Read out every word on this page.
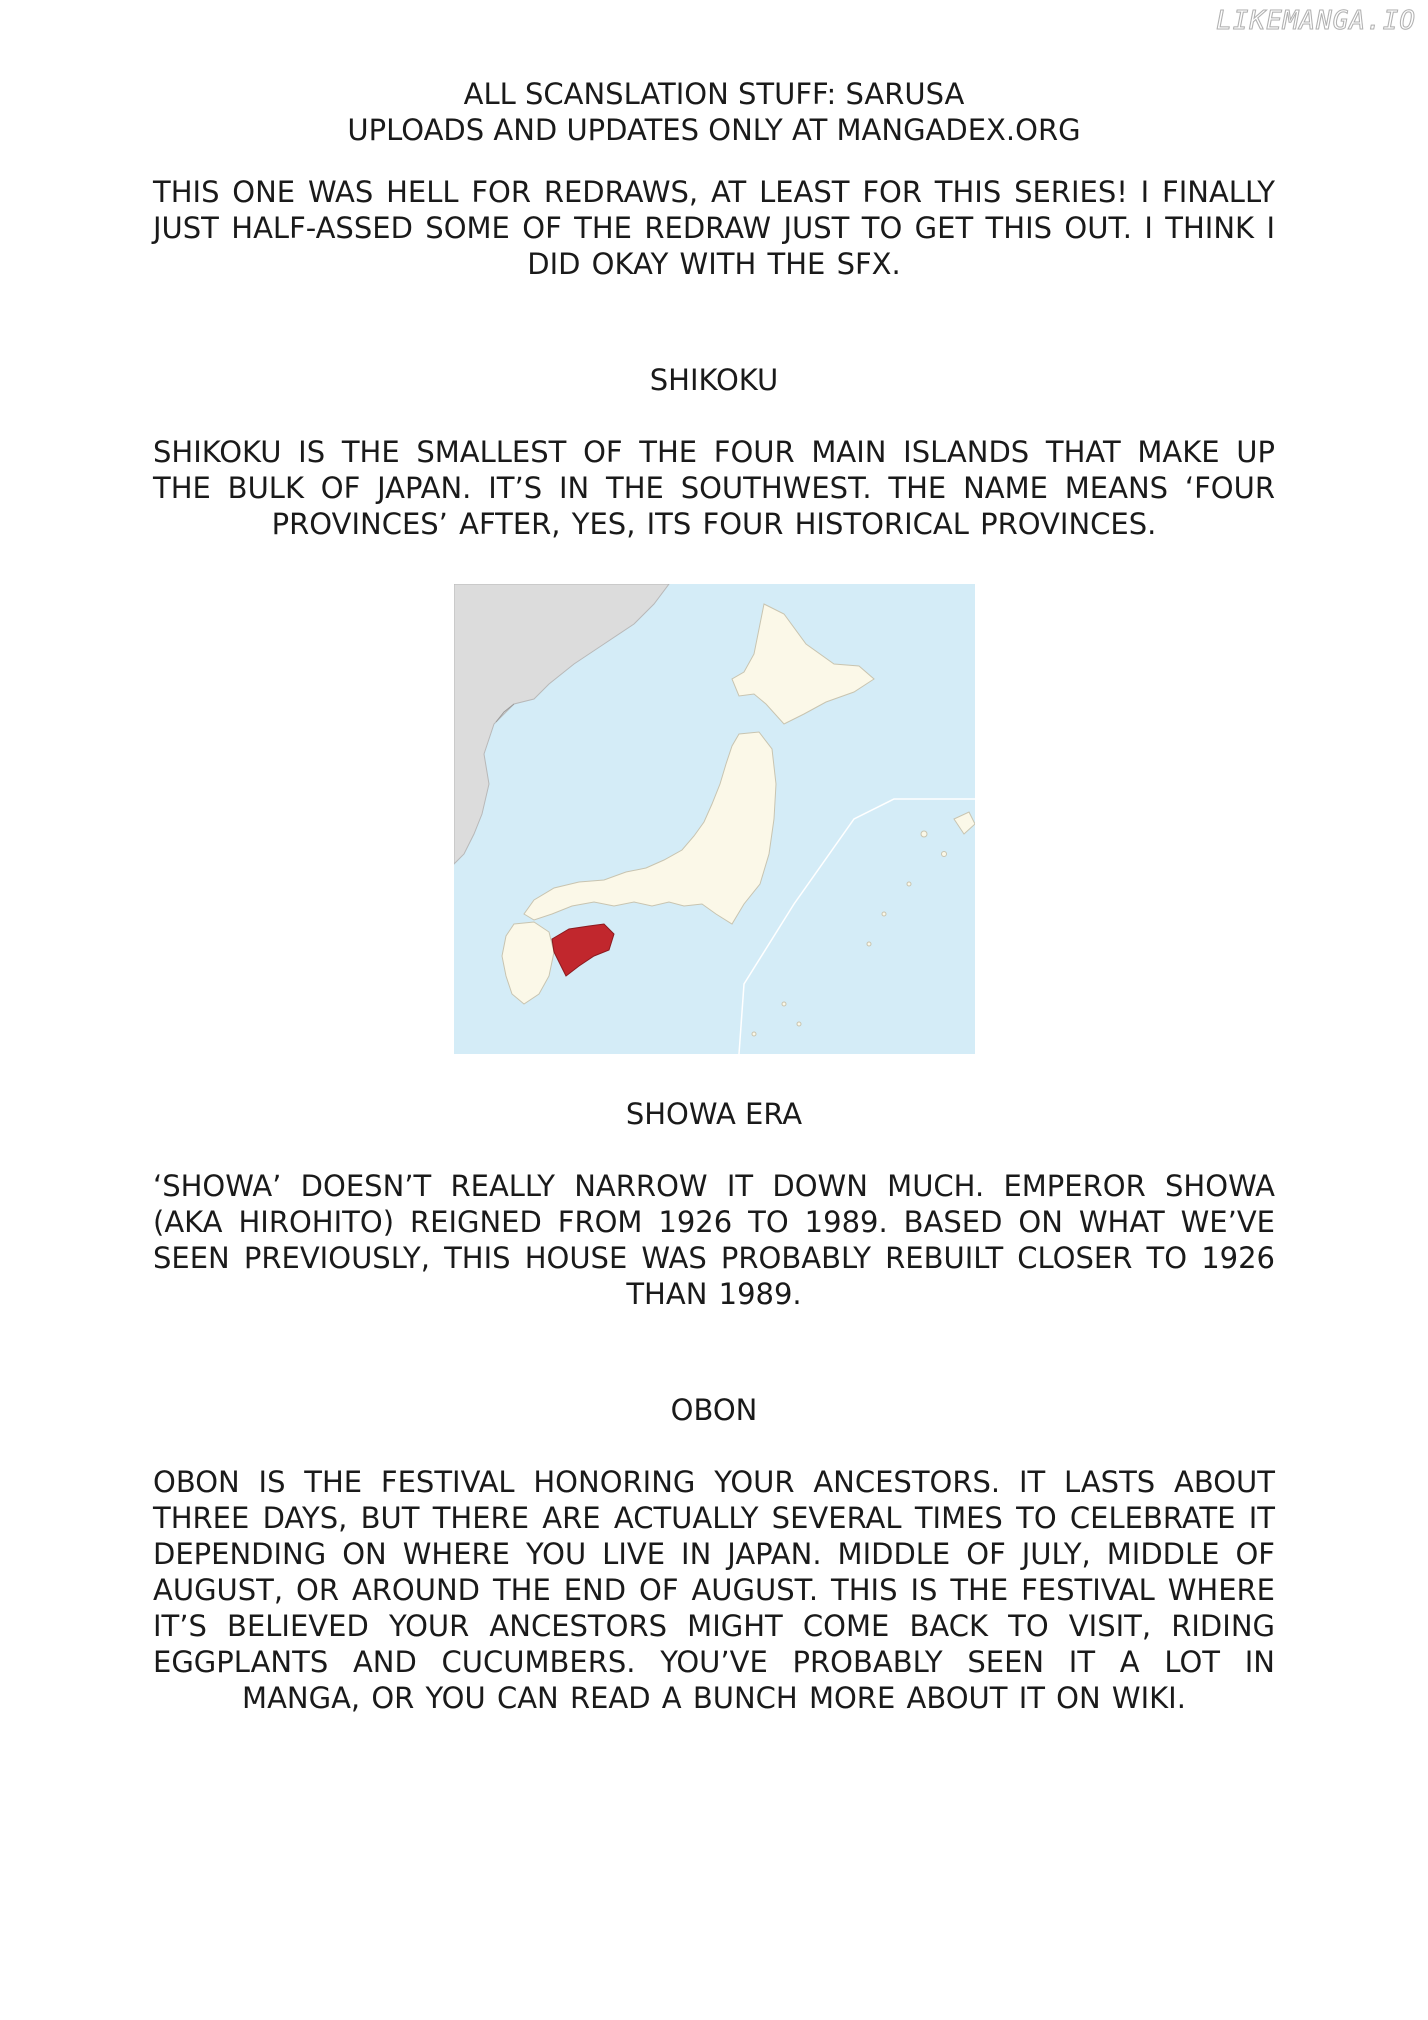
LIKEMANGA.IO
ALL SCANSLATION STUFF: SARUSA
UPLOADS AND UPDATES ONLY AT MANGADEX.ORG

THIS ONE WAS HELL FOR REDRAWS, AT LEAST FOR THIS SERIES! I FINALLY JUST HALF-ASSED SOME OF THE REDRAW JUST TO GET THIS OUT. I THINK I DID OKAY WITH THE SFX.

SHIKOKU

SHIKOKU IS THE SMALLEST OF THE FOUR MAIN ISLANDS THAT MAKE UP THE BULK OF JAPAN. IT’S IN THE SOUTHWEST. THE NAME MEANS ‘FOUR PROVINCES’ AFTER, YES, ITS FOUR HISTORICAL PROVINCES.

SHOWA ERA

‘SHOWA’ DOESN’T REALLY NARROW IT DOWN MUCH. EMPEROR SHOWA (AKA HIROHITO) REIGNED FROM 1926 TO 1989. BASED ON WHAT WE’VE SEEN PREVIOUSLY, THIS HOUSE WAS PROBABLY REBUILT CLOSER TO 1926 THAN 1989.

OBON

OBON IS THE FESTIVAL HONORING YOUR ANCESTORS. IT LASTS ABOUT THREE DAYS, BUT THERE ARE ACTUALLY SEVERAL TIMES TO CELEBRATE IT DEPENDING ON WHERE YOU LIVE IN JAPAN. MIDDLE OF JULY, MIDDLE OF AUGUST, OR AROUND THE END OF AUGUST. THIS IS THE FESTIVAL WHERE IT’S BELIEVED YOUR ANCESTORS MIGHT COME BACK TO VISIT, RIDING EGGPLANTS AND CUCUMBERS. YOU’VE PROBABLY SEEN IT A LOT IN MANGA, OR YOU CAN READ A BUNCH MORE ABOUT IT ON WIKI.
